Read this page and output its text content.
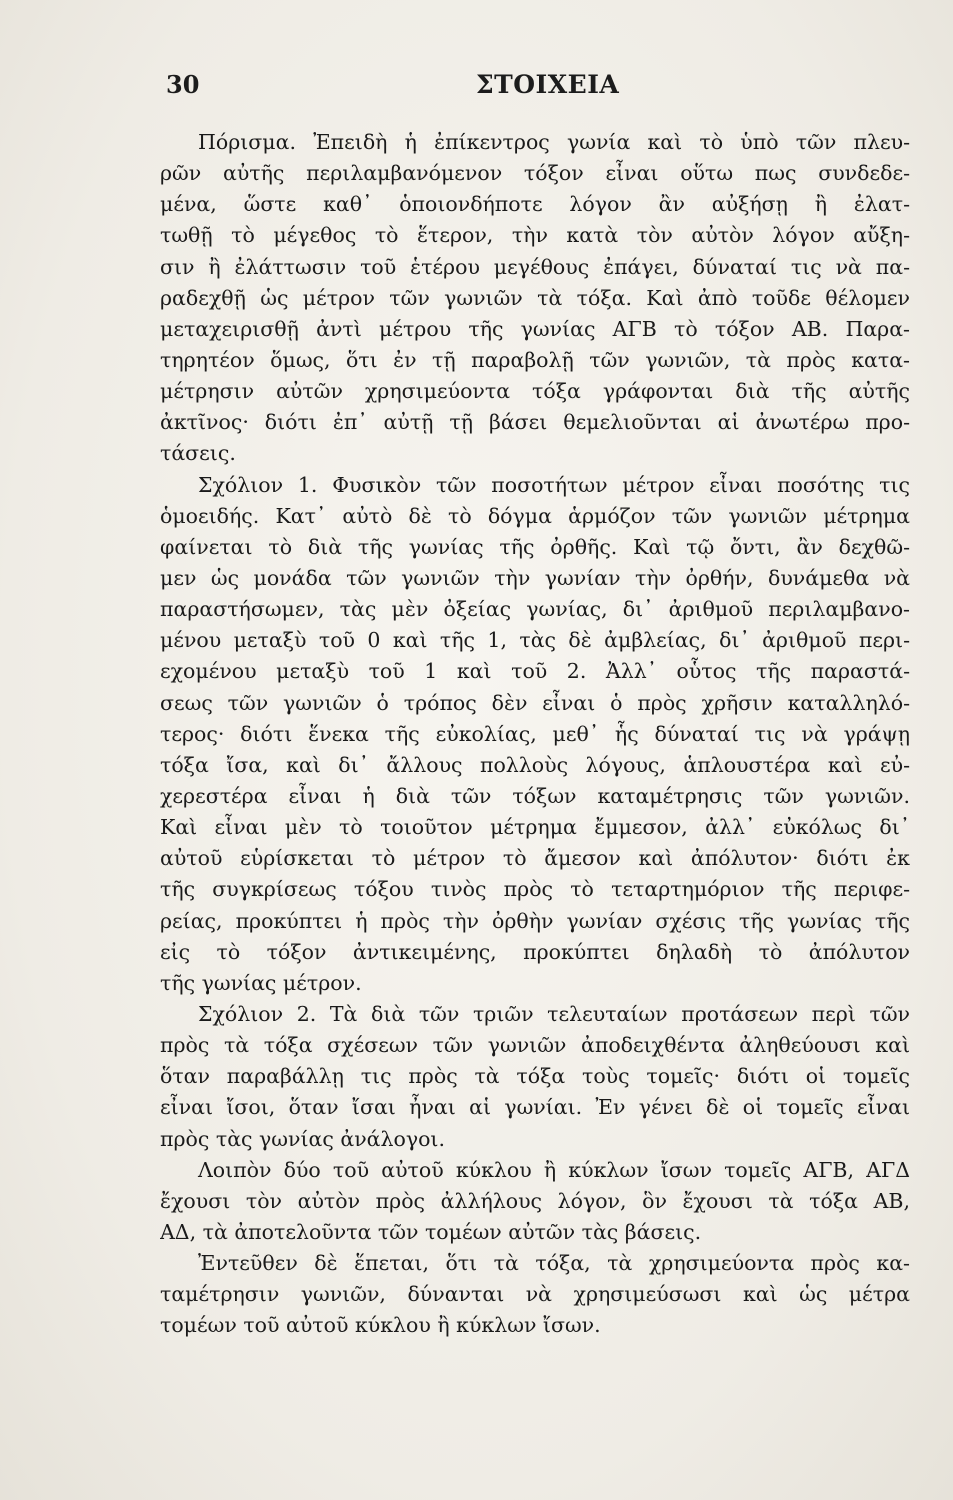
30	ΣΤΟΙΧΕΙΑ
Πόρισμα. Ἐπειδὴ ἡ ἐπίκεντρος γωνία καὶ τὸ ὑπὸ τῶν πλευ-
ρῶν αὐτῆς περιλαμβανόμενον τόξον εἶναι οὕτω πως συνδεδε-
μένα, ὥστε καθ᾽ ὁποιονδήποτε λόγον ἂν αὐξήσῃ ἢ ἐλατ-
τωθῇ τὸ μέγεθος τὸ ἕτερον, τὴν κατὰ τὸν αὐτὸν λόγον αὔξη-
σιν ἢ ἐλάττωσιν τοῦ ἑτέρου μεγέθους ἐπάγει, δύναταί τις νὰ πα-
ραδεχθῇ ὡς μέτρον τῶν γωνιῶν τὰ τόξα. Καὶ ἀπὸ τοῦδε θέλομεν
μεταχειρισθῇ ἀντὶ μέτρου τῆς γωνίας ΑΓΒ τὸ τόξον ΑΒ. Παρα-
τηρητέον ὅμως, ὅτι ἐν τῇ παραβολῇ τῶν γωνιῶν, τὰ πρὸς κατα-
μέτρησιν αὐτῶν χρησιμεύοντα τόξα γράφονται διὰ τῆς αὐτῆς
ἀκτῖνος· διότι ἐπ᾽ αὐτῇ τῇ βάσει θεμελιοῦνται αἱ ἀνωτέρω προ-
τάσεις.
Σχόλιον 1. Φυσικὸν τῶν ποσοτήτων μέτρον εἶναι ποσότης τις
ὁμοειδής. Κατ᾽ αὐτὸ δὲ τὸ δόγμα ἁρμόζον τῶν γωνιῶν μέτρημα
φαίνεται τὸ διὰ τῆς γωνίας τῆς ὀρθῆς. Καὶ τῷ ὄντι, ἂν δεχθῶ-
μεν ὡς μονάδα τῶν γωνιῶν τὴν γωνίαν τὴν ὀρθήν, δυνάμεθα νὰ
παραστήσωμεν, τὰς μὲν ὀξείας γωνίας, δι᾽ ἀριθμοῦ περιλαμβανο-
μένου μεταξὺ τοῦ 0 καὶ τῆς 1, τὰς δὲ ἀμβλείας, δι᾽ ἀριθμοῦ περι-
εχομένου μεταξὺ τοῦ 1 καὶ τοῦ 2. Ἀλλ᾽ οὗτος τῆς παραστά-
σεως τῶν γωνιῶν ὁ τρόπος δὲν εἶναι ὁ πρὸς χρῆσιν καταλληλό-
τερος· διότι ἕνεκα τῆς εὐκολίας, μεθ᾽ ἧς δύναταί τις νὰ γράψῃ
τόξα ἴσα, καὶ δι᾽ ἄλλους πολλοὺς λόγους, ἁπλουστέρα καὶ εὐ-
χερεστέρα εἶναι ἡ διὰ τῶν τόξων καταμέτρησις τῶν γωνιῶν.
Καὶ εἶναι μὲν τὸ τοιοῦτον μέτρημα ἔμμεσον, ἀλλ᾽ εὐκόλως δι᾽
αὐτοῦ εὑρίσκεται τὸ μέτρον τὸ ἄμεσον καὶ ἀπόλυτον· διότι ἐκ
τῆς συγκρίσεως τόξου τινὸς πρὸς τὸ τεταρτημόριον τῆς περιφε-
ρείας, προκύπτει ἡ πρὸς τὴν ὀρθὴν γωνίαν σχέσις τῆς γωνίας τῆς
εἰς τὸ τόξον ἀντικειμένης, προκύπτει δηλαδὴ τὸ ἀπόλυτον
τῆς γωνίας μέτρον.
Σχόλιον 2. Τὰ διὰ τῶν τριῶν τελευταίων προτάσεων περὶ τῶν
πρὸς τὰ τόξα σχέσεων τῶν γωνιῶν ἀποδειχθέντα ἀληθεύουσι καὶ
ὅταν παραβάλλῃ τις πρὸς τὰ τόξα τοὺς τομεῖς· διότι οἱ τομεῖς
εἶναι ἴσοι, ὅταν ἴσαι ἦναι αἱ γωνίαι. Ἐν γένει δὲ οἱ τομεῖς εἶναι
πρὸς τὰς γωνίας ἀνάλογοι.
Λοιπὸν δύο τοῦ αὐτοῦ κύκλου ἢ κύκλων ἴσων τομεῖς ΑΓΒ, ΑΓΔ
ἔχουσι τὸν αὐτὸν πρὸς ἀλλήλους λόγον, ὃν ἔχουσι τὰ τόξα ΑΒ,
ΑΔ, τὰ ἀποτελοῦντα τῶν τομέων αὐτῶν τὰς βάσεις.
Ἐντεῦθεν δὲ ἕπεται, ὅτι τὰ τόξα, τὰ χρησιμεύοντα πρὸς κα-
ταμέτρησιν γωνιῶν, δύνανται νὰ χρησιμεύσωσι καὶ ὡς μέτρα
τομέων τοῦ αὐτοῦ κύκλου ἢ κύκλων ἴσων.
